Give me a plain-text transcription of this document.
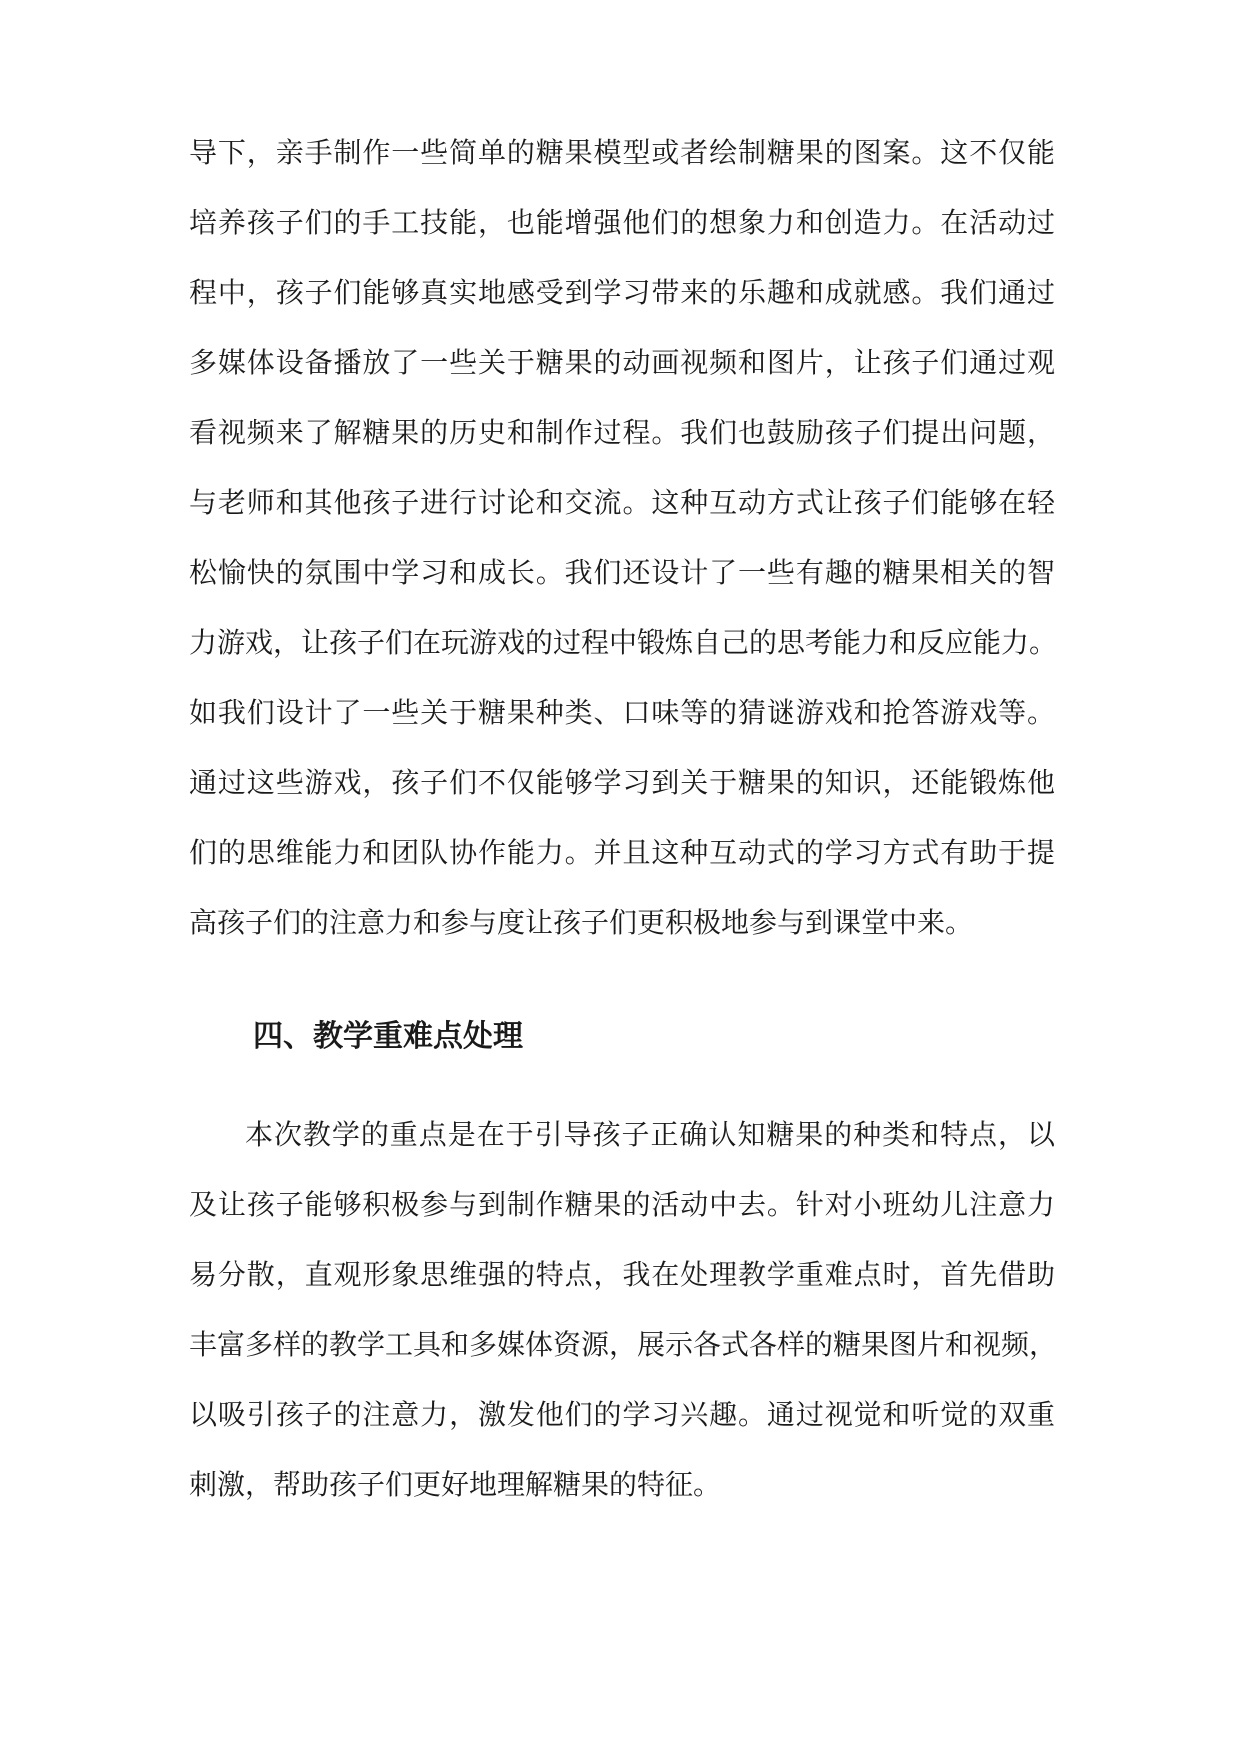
导下，亲手制作一些简单的糖果模型或者绘制糖果的图案。这不仅能
培养孩子们的手工技能，也能增强他们的想象力和创造力。在活动过
程中，孩子们能够真实地感受到学习带来的乐趣和成就感。我们通过
多媒体设备播放了一些关于糖果的动画视频和图片，让孩子们通过观
看视频来了解糖果的历史和制作过程。我们也鼓励孩子们提出问题，
与老师和其他孩子进行讨论和交流。这种互动方式让孩子们能够在轻
松愉快的氛围中学习和成长。我们还设计了一些有趣的糖果相关的智
力游戏，让孩子们在玩游戏的过程中锻炼自己的思考能力和反应能力。
如我们设计了一些关于糖果种类、口味等的猜谜游戏和抢答游戏等。
通过这些游戏，孩子们不仅能够学习到关于糖果的知识，还能锻炼他
们的思维能力和团队协作能力。并且这种互动式的学习方式有助于提
高孩子们的注意力和参与度让孩子们更积极地参与到课堂中来。
四、教学重难点处理
本次教学的重点是在于引导孩子正确认知糖果的种类和特点，以
及让孩子能够积极参与到制作糖果的活动中去。针对小班幼儿注意力
易分散，直观形象思维强的特点，我在处理教学重难点时，首先借助
丰富多样的教学工具和多媒体资源，展示各式各样的糖果图片和视频，
以吸引孩子的注意力，激发他们的学习兴趣。通过视觉和听觉的双重
刺激，帮助孩子们更好地理解糖果的特征。
